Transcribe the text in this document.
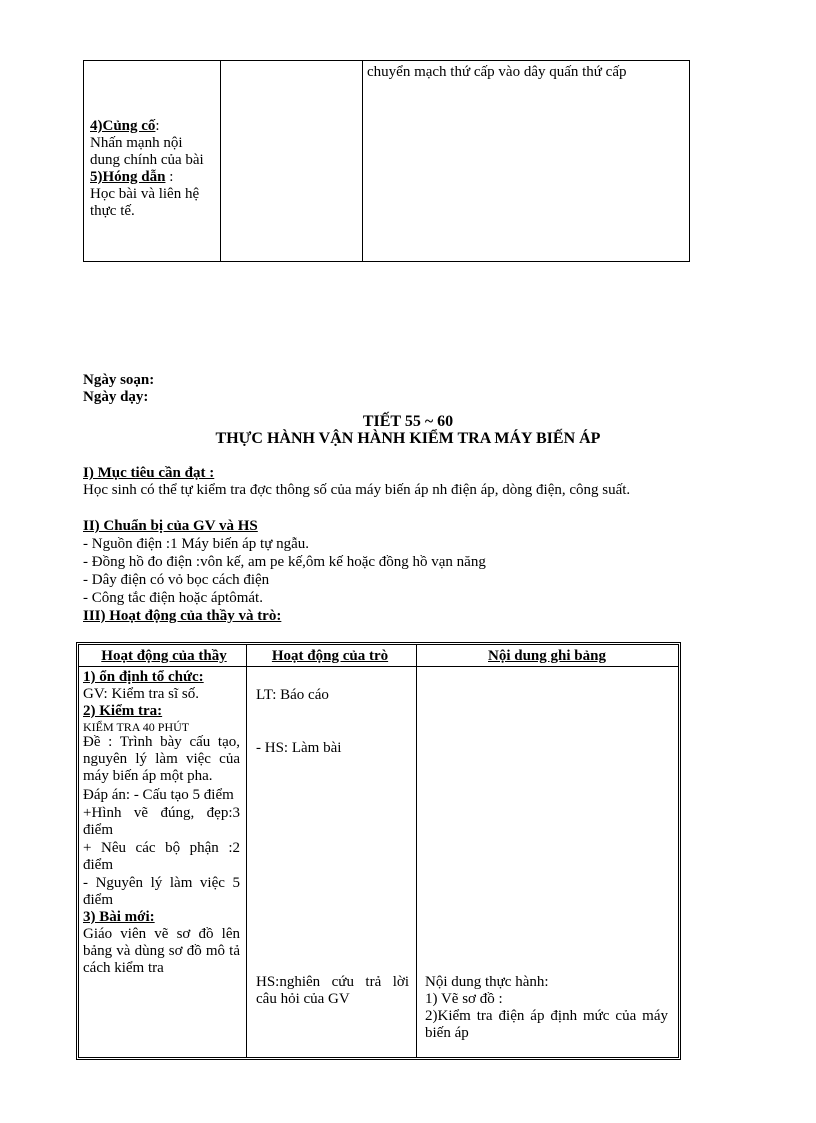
chuyển mạch thứ cấp vào dây quấn thứ cấp
4)Củng cố:
Nhấn mạnh nội dung chính của bài
5)Hóng dẫn :
Học bài và liên hệ thực tế.
Ngày soạn:
Ngày dạy:
TIẾT 55 ~ 60
THỰC HÀNH VẬN HÀNH KIỂM TRA MÁY BIẾN ÁP
I) Mục tiêu cần đạt :
Học sinh có thể tự kiểm tra đợc thông số của máy biến áp nh điện áp, dòng điện, công suất.
II) Chuẩn bị của GV và HS
- Nguồn điện :1 Máy biến áp tự ngẫu.
- Đồng hồ đo điện :vôn kế, am pe kế,ôm kế hoặc đồng hồ vạn năng
- Dây điện có vỏ bọc cách điện
- Công tắc điện hoặc áptômát.
III) Hoạt động của thầy và trò:
Hoạt động của thầy	Hoạt động của trò	Nội dung ghi bảng
1) ổn định tổ chức:
GV: Kiểm tra sĩ số.
2) Kiểm tra:
KIỂM TRA 40 PHÚT
Đề : Trình bày cấu tạo, nguyên lý làm việc của máy biến áp một pha.
Đáp án: - Cấu tạo 5 điểm
+Hình vẽ đúng, đẹp:3 điểm
+ Nêu các bộ phận :2 điểm
- Nguyên lý làm việc 5 điểm
3) Bài mới:
Giáo viên vẽ sơ đồ lên bảng và dùng sơ đồ mô tả cách kiểm tra
LT: Báo cáo
- HS: Làm bài
HS:nghiên cứu trả lời câu hỏi của GV
Nội dung thực hành:
1) Vẽ sơ đồ :
2)Kiểm tra điện áp định mức của máy biến áp
